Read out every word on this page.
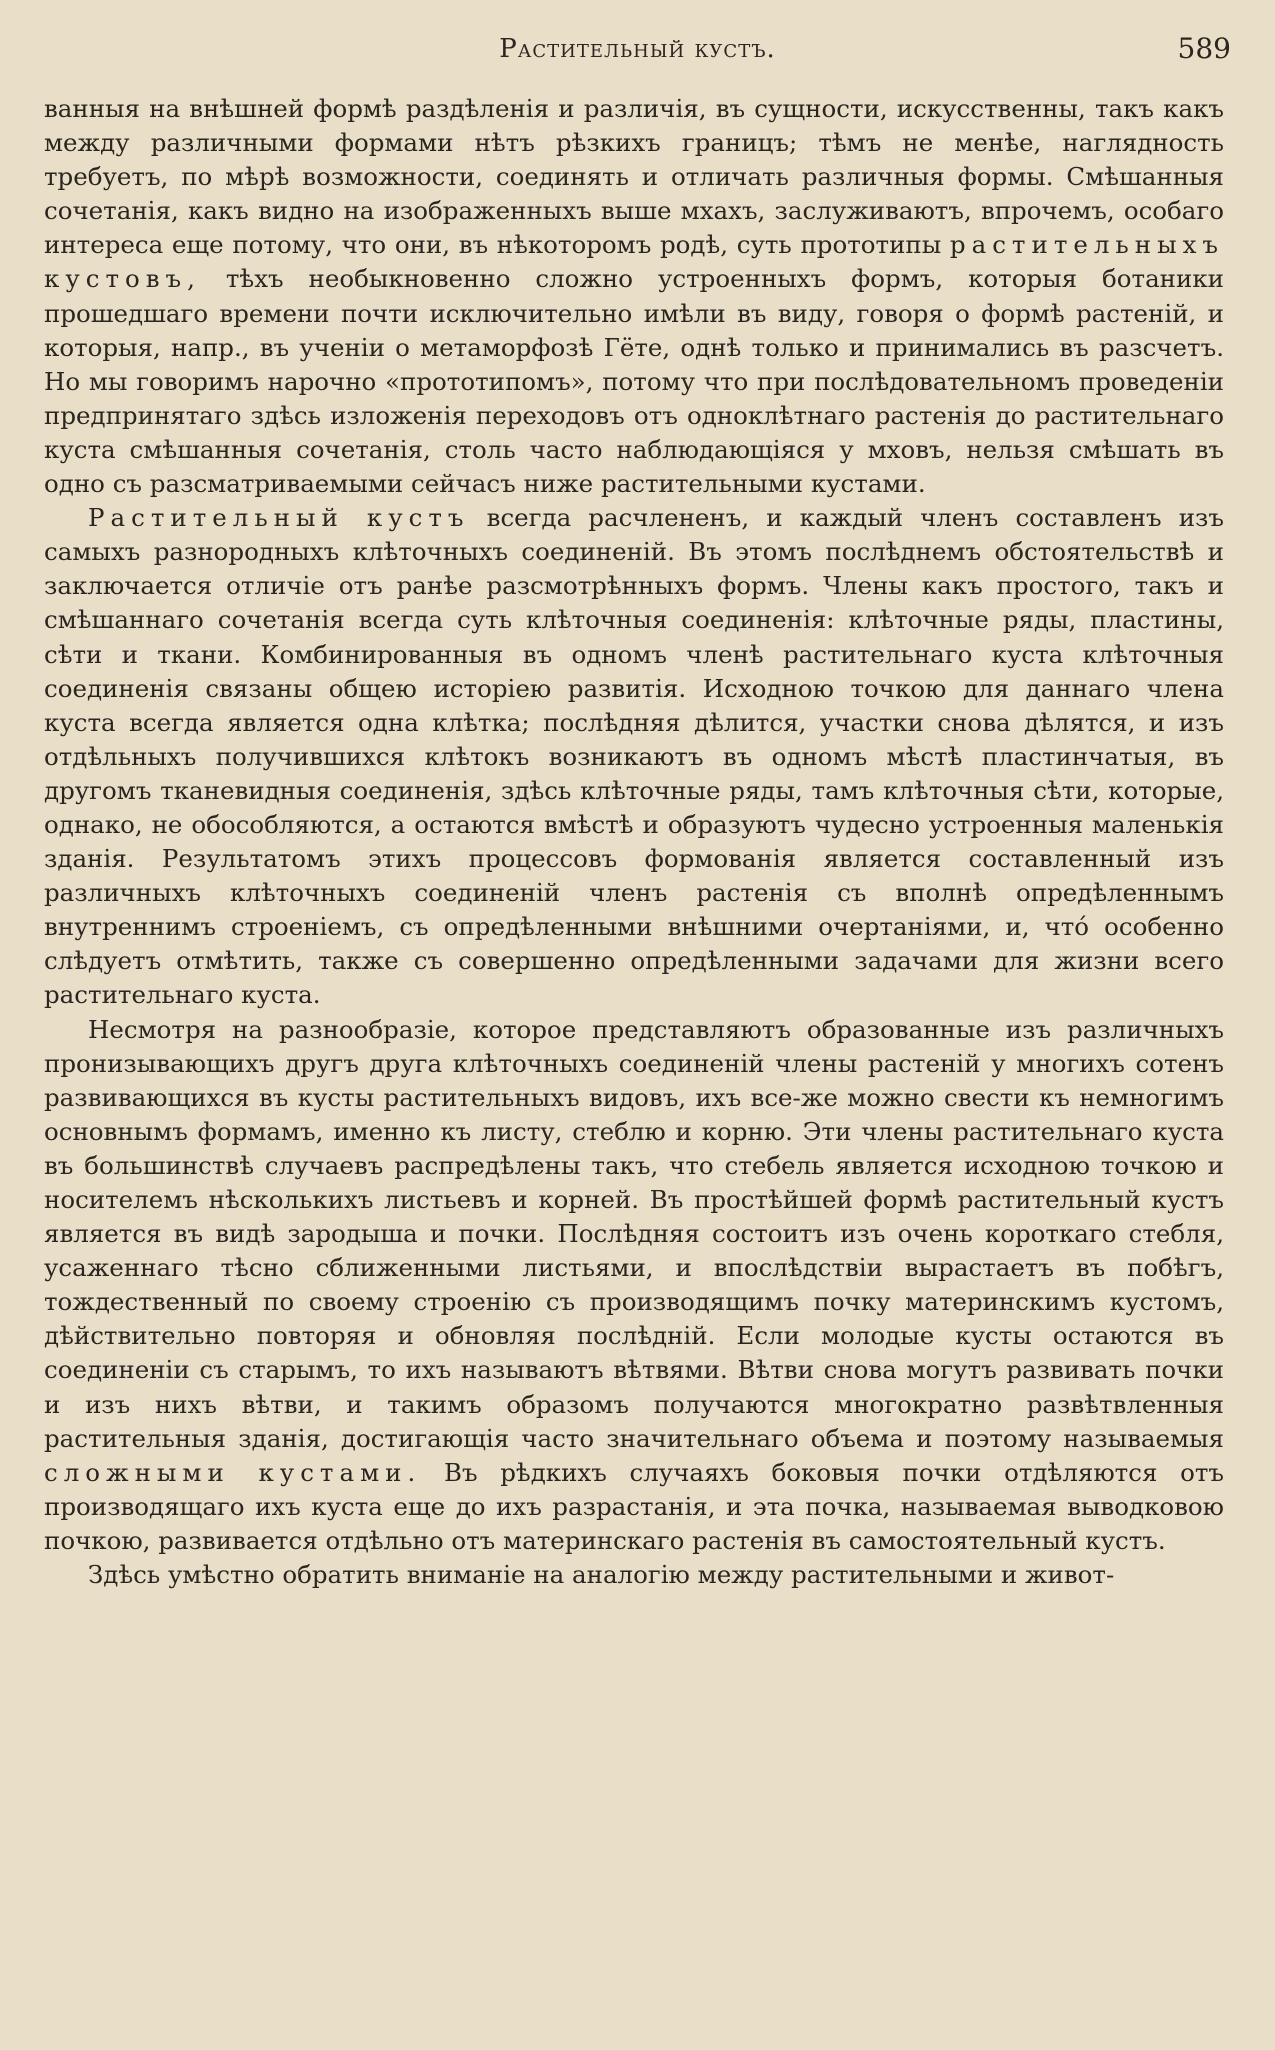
Растительный кустъ.	589

ванныя на внѣшней формѣ раздѣленія и различія, въ сущности, искусственны, такъ какъ между различными формами нѣтъ рѣзкихъ границъ; тѣмъ не менѣе, наглядность требуетъ, по мѣрѣ возможности, соединять и отличать различныя формы. Смѣшанныя сочетанія, какъ видно на изображенныхъ выше мхахъ, заслуживаютъ, впрочемъ, особаго интереса еще потому, что они, въ нѣкоторомъ родѣ, суть прототипы растительныхъ кустовъ, тѣхъ необыкновенно сложно устроенныхъ формъ, которыя ботаники прошедшаго времени почти исключительно имѣли въ виду, говоря о формѣ растеній, и которыя, напр., въ ученіи о метаморфозѣ Гёте, однѣ только и принимались въ разсчетъ. Но мы говоримъ нарочно «прототипомъ», потому что при послѣдовательномъ проведеніи предпринятаго здѣсь изложенія переходовъ отъ одноклѣтнаго растенія до растительнаго куста смѣшанныя сочетанія, столь часто наблюдающіяся у мховъ, нельзя смѣшать въ одно съ разсматриваемыми сейчасъ ниже растительными кустами.

Растительный кустъ всегда расчлененъ, и каждый членъ составленъ изъ самыхъ разнородныхъ клѣточныхъ соединеній. Въ этомъ послѣднемъ обстоятельствѣ и заключается отличіе отъ ранѣе разсмотрѣнныхъ формъ. Члены какъ простого, такъ и смѣшаннаго сочетанія всегда суть клѣточныя соединенія: клѣточные ряды, пластины, сѣти и ткани. Комбинированныя въ одномъ членѣ растительнаго куста клѣточныя соединенія связаны общею исторіею развитія. Исходною точкою для даннаго члена куста всегда является одна клѣтка; послѣдняя дѣлится, участки снова дѣлятся, и изъ отдѣльныхъ получившихся клѣтокъ возникаютъ въ одномъ мѣстѣ пластинчатыя, въ другомъ тканевидныя соединенія, здѣсь клѣточные ряды, тамъ клѣточныя сѣти, которые, однако, не обособляются, а остаются вмѣстѣ и образуютъ чудесно устроенныя маленькія зданія. Результатомъ этихъ процессовъ формованія является составленный изъ различныхъ клѣточныхъ соединеній членъ растенія съ вполнѣ опредѣленнымъ внутреннимъ строеніемъ, съ опредѣленными внѣшними очертаніями, и, что́ особенно слѣдуетъ отмѣтить, также съ совершенно опредѣленными задачами для жизни всего растительнаго куста.

Несмотря на разнообразіе, которое представляютъ образованные изъ различныхъ пронизывающихъ другъ друга клѣточныхъ соединеній члены растеній у многихъ сотенъ развивающихся въ кусты растительныхъ видовъ, ихъ все-же можно свести къ немногимъ основнымъ формамъ, именно къ листу, стеблю и корню. Эти члены растительнаго куста въ большинствѣ случаевъ распредѣлены такъ, что стебель является исходною точкою и носителемъ нѣсколькихъ листьевъ и корней. Въ простѣйшей формѣ растительный кустъ является въ видѣ зародыша и почки. Послѣдняя состоитъ изъ очень короткаго стебля, усаженнаго тѣсно сближенными листьями, и впослѣдствіи вырастаетъ въ побѣгъ, тождественный по своему строенію съ производящимъ почку материнскимъ кустомъ, дѣйствительно повторяя и обновляя послѣдній. Если молодые кусты остаются въ соединеніи съ старымъ, то ихъ называютъ вѣтвями. Вѣтви снова могутъ развивать почки и изъ нихъ вѣтви, и такимъ образомъ получаются многократно развѣтвленныя растительныя зданія, достигающія часто значительнаго объема и поэтому называемыя сложными кустами. Въ рѣдкихъ случаяхъ боковыя почки отдѣляются отъ производящаго ихъ куста еще до ихъ разрастанія, и эта почка, называемая выводковою почкою, развивается отдѣльно отъ материнскаго растенія въ самостоятельный кустъ.

Здѣсь умѣстно обратить вниманіе на аналогію между растительными и живот-
